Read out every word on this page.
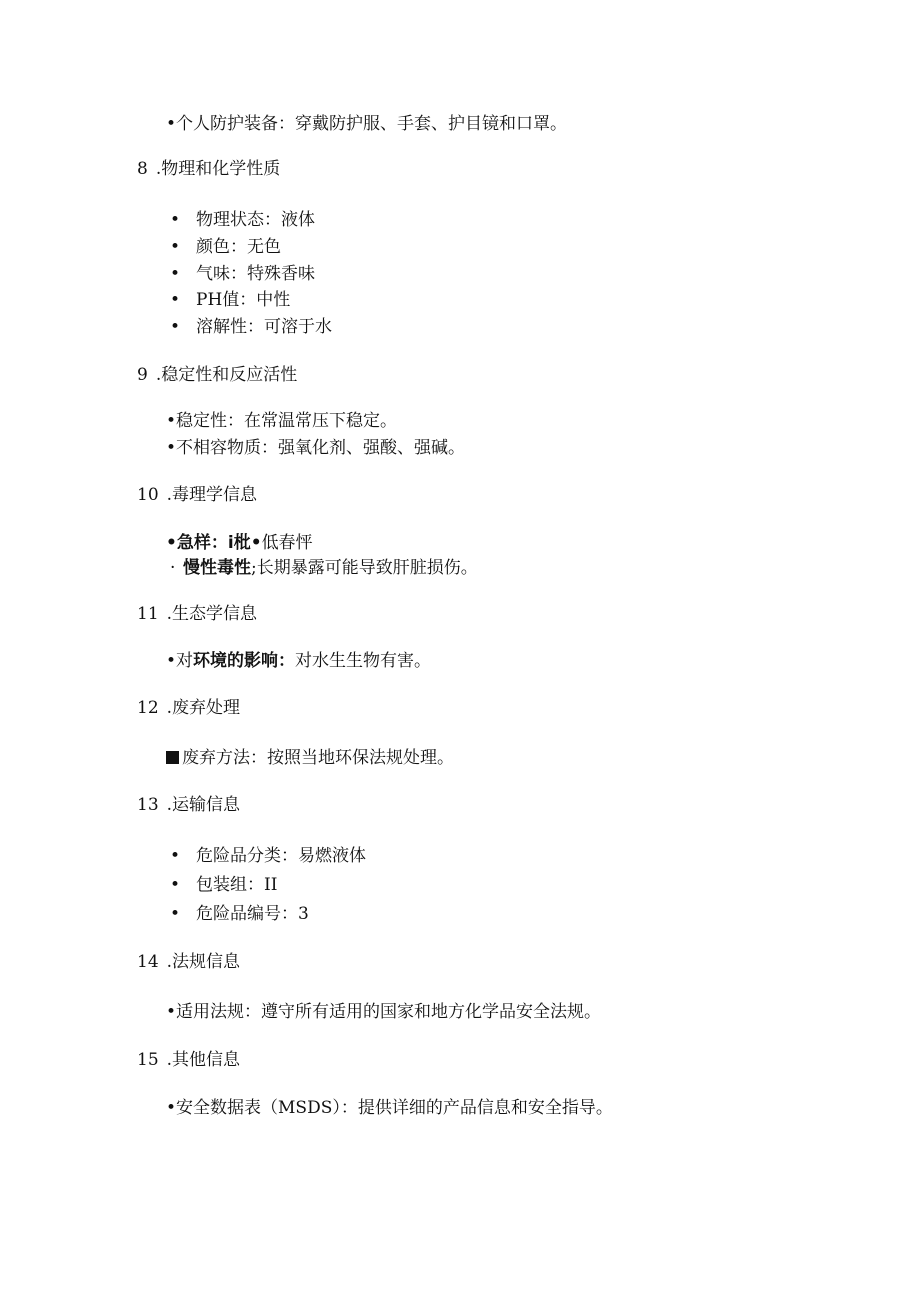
•个人防护装备：穿戴防护服、手套、护目镜和口罩。
8 .物理和化学性质
• 物理状态：液体
• 颜色：无色
• 气味：特殊香味
• PH值：中性
• 溶解性：可溶于水
9 .稳定性和反应活性
•稳定性：在常温常压下稳定。
•不相容物质：强氧化剂、强酸、强碱。
10 .毒理学信息
•急样：i枇•低春怦
· 慢性毒性;长期暴露可能导致肝脏损伤。
11 .生态学信息
•对环境的影响：对水生生物有害。
12 .废弃处理
废弃方法：按照当地环保法规处理。
13 .运输信息
• 危险品分类：易燃液体
• 包装组：II
• 危险品编号：3
14 .法规信息
•适用法规：遵守所有适用的国家和地方化学品安全法规。
15 .其他信息
•安全数据表（MSDS）：提供详细的产品信息和安全指导。
